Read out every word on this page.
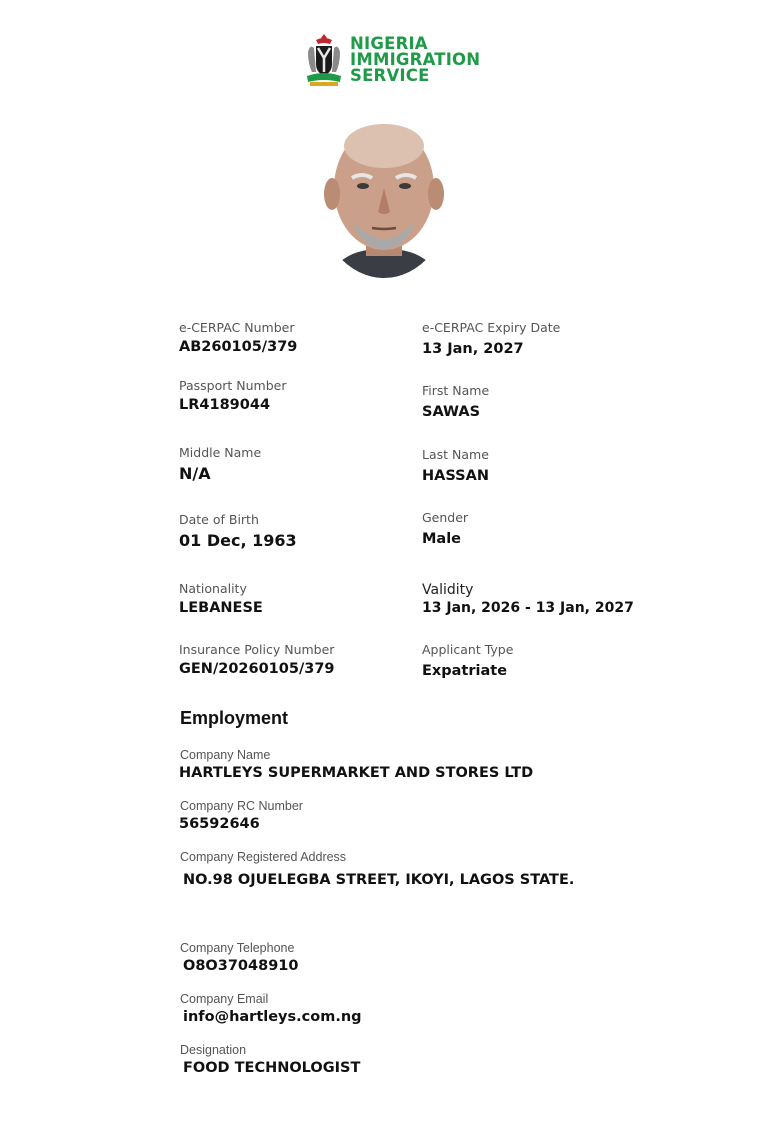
NIGERIA
IMMIGRATION
SERVICE
e-CERPAC Number
AB260105/379
Passport Number
LR4189044
Middle Name
N/A
Date of Birth
01 Dec, 1963
Nationality
LEBANESE
Insurance Policy Number
GEN/20260105/379
e-CERPAC Expiry Date
13 Jan, 2027
First Name
SAWAS
Last Name
HASSAN
Gender
Male
Validity
13 Jan, 2026 - 13 Jan, 2027
Applicant Type
Expatriate
Employment
Company Name
HARTLEYS SUPERMARKET AND STORES LTD
Company RC Number
56592646
Company Registered Address
NO.98 OJUELEGBA STREET, IKOYI, LAGOS STATE.
Company Telephone
O8O37048910
Company Email
info@hartleys.com.ng
Designation
FOOD TECHNOLOGIST
